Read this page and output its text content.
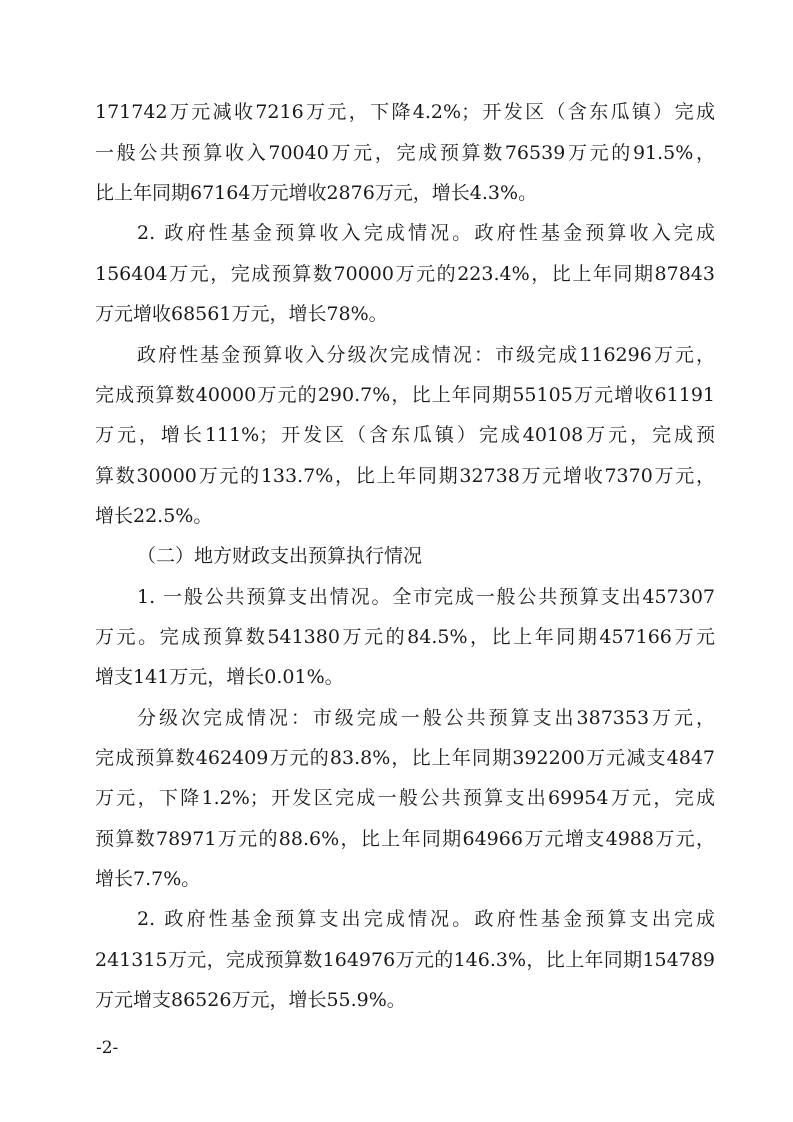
171742万元减收7216万元，下降4.2%；开发区（含东瓜镇）完成
一般公共预算收入70040万元，完成预算数76539万元的91.5%，
比上年同期67164万元增收2876万元，增长4.3%。
2. 政府性基金预算收入完成情况。政府性基金预算收入完成
156404万元，完成预算数70000万元的223.4%，比上年同期87843
万元增收68561万元，增长78%。
政府性基金预算收入分级次完成情况：市级完成116296万元，
完成预算数40000万元的290.7%，比上年同期55105万元增收61191
万元，增长111%；开发区（含东瓜镇）完成40108万元，完成预
算数30000万元的133.7%，比上年同期32738万元增收7370万元，
增长22.5%。
（二）地方财政支出预算执行情况
1. 一般公共预算支出情况。全市完成一般公共预算支出457307
万元。完成预算数541380万元的84.5%，比上年同期457166万元
增支141万元，增长0.01%。
分级次完成情况：市级完成一般公共预算支出387353万元，
完成预算数462409万元的83.8%，比上年同期392200万元减支4847
万元，下降1.2%；开发区完成一般公共预算支出69954万元，完成
预算数78971万元的88.6%，比上年同期64966万元增支4988万元，
增长7.7%。
2. 政府性基金预算支出完成情况。政府性基金预算支出完成
241315万元，完成预算数164976万元的146.3%，比上年同期154789
万元增支86526万元，增长55.9%。
-2-
